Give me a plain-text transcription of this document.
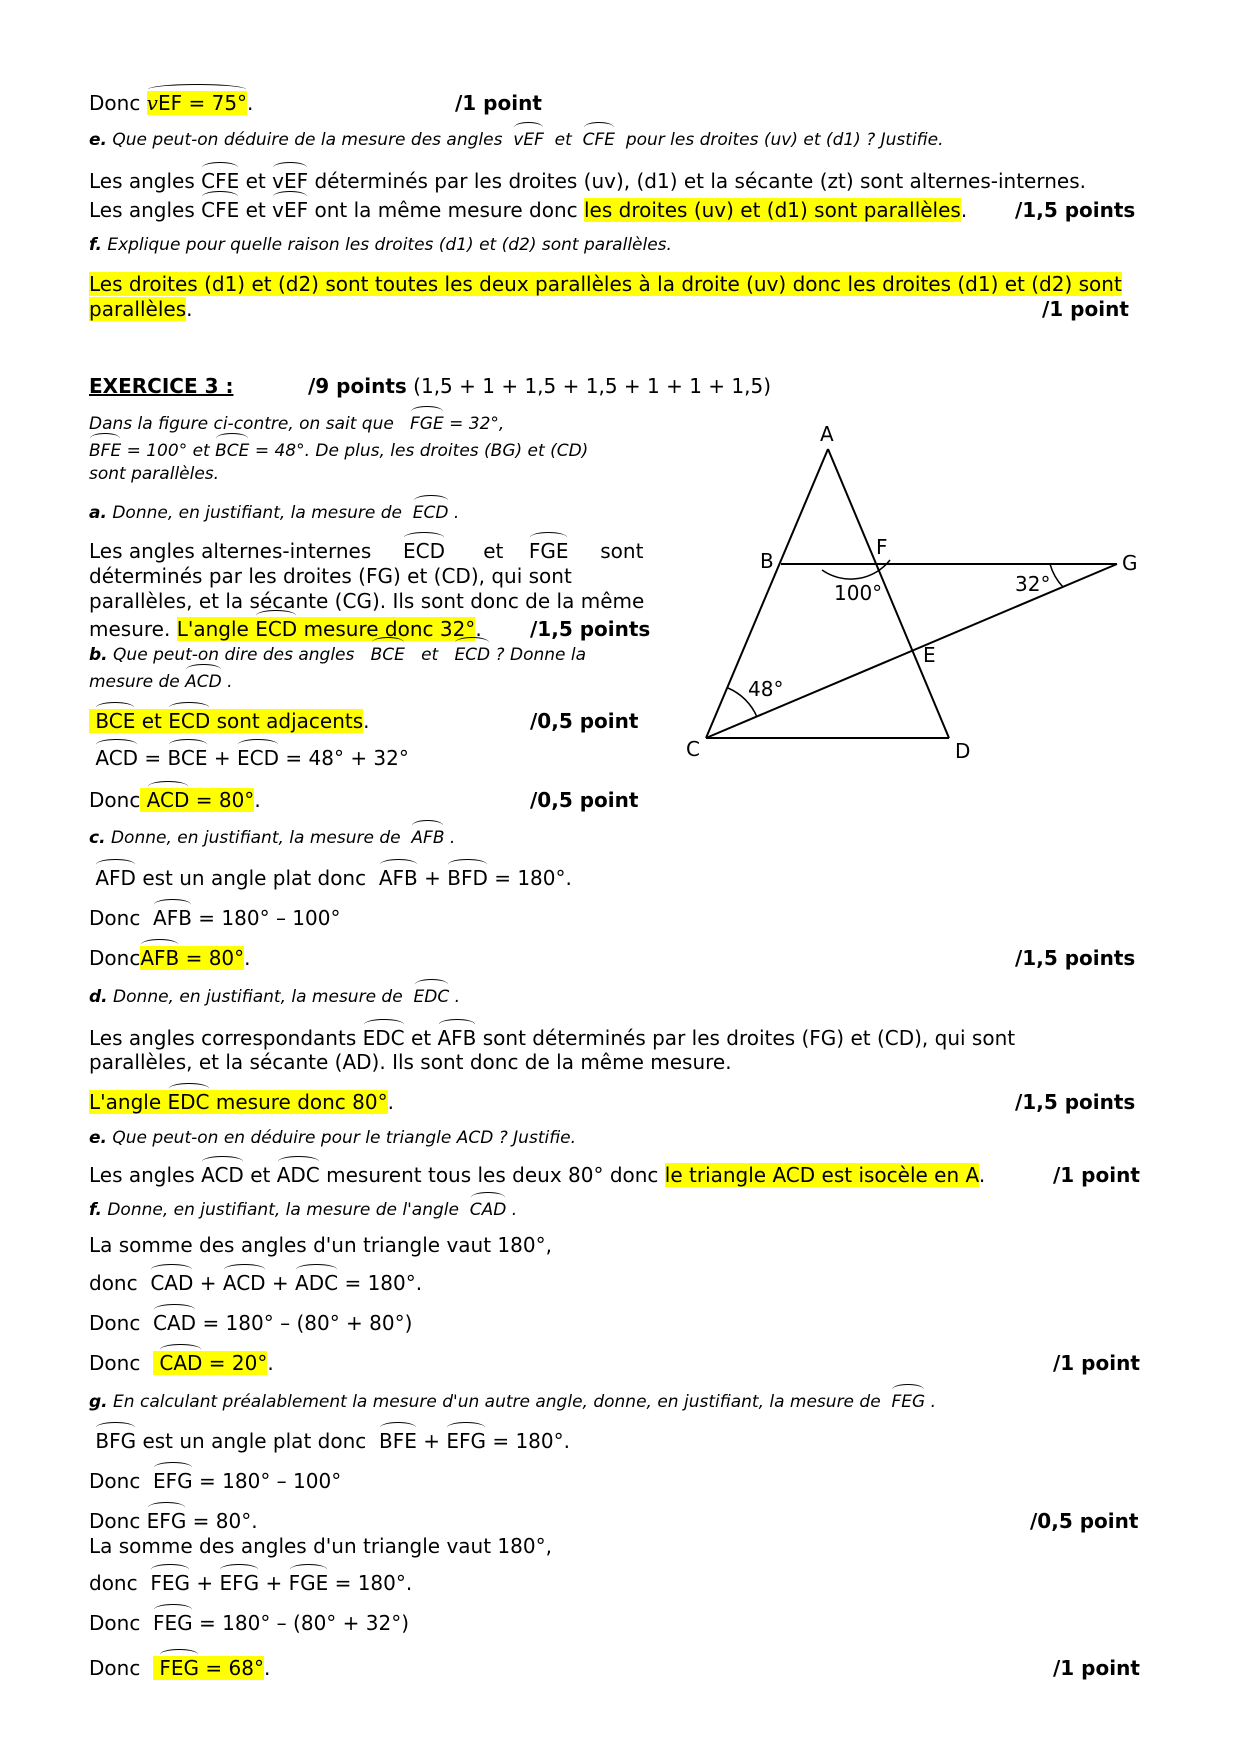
Donc vEF = 75°.	/1 point
e. Que peut-on déduire de la mesure des angles vEF et CFE pour les droites (uv) et (d1) ? Justifie.
Les angles CFE et vEF déterminés par les droites (uv), (d1) et la sécante (zt) sont alternes-internes.
Les angles CFE et vEF ont la même mesure donc les droites (uv) et (d1) sont parallèles. /1,5 points
f. Explique pour quelle raison les droites (d1) et (d2) sont parallèles.
Les droites (d1) et (d2) sont toutes les deux parallèles à la droite (uv) donc les droites (d1) et (d2) sont
parallèles.	/1 point
EXERCICE 3 :	/9 points (1,5 + 1 + 1,5 + 1,5 + 1 + 1 + 1,5)
Dans la figure ci-contre, on sait que FGE = 32°,
BFE = 100° et BCE = 48°. De plus, les droites (BG) et (CD)
sont parallèles.
a. Donne, en justifiant, la mesure de ECD .
Les angles alternes-internes ECD et FGE sont
déterminés par les droites (FG) et (CD), qui sont
parallèles, et la sécante (CG). Ils sont donc de la même
mesure. L'angle ECD mesure donc 32°. /1,5 points
b. Que peut-on dire des angles BCE et ECD ? Donne la
mesure de ACD .
BCE et ECD sont adjacents.	/0,5 point
ACD = BCE + ECD = 48° + 32°
Donc ACD = 80°.	/0,5 point
c. Donne, en justifiant, la mesure de AFB .
AFD est un angle plat donc AFB + BFD = 180°.
Donc AFB = 180° – 100°
DoncAFB = 80°.	/1,5 points
d. Donne, en justifiant, la mesure de EDC .
Les angles correspondants EDC et AFB sont déterminés par les droites (FG) et (CD), qui sont
parallèles, et la sécante (AD). Ils sont donc de la même mesure.
L'angle EDC mesure donc 80°.	/1,5 points
e. Que peut-on en déduire pour le triangle ACD ? Justifie.
Les angles ACD et ADC mesurent tous les deux 80° donc le triangle ACD est isocèle en A.	/1 point
f. Donne, en justifiant, la mesure de l'angle CAD .
La somme des angles d'un triangle vaut 180°,
donc CAD + ACD + ADC = 180°.
Donc CAD = 180° – (80° + 80°)
Donc CAD = 20°.	/1 point
g. En calculant préalablement la mesure d'un autre angle, donne, en justifiant, la mesure de FEG .
BFG est un angle plat donc BFE + EFG = 180°.
Donc EFG = 180° – 100°
Donc EFG = 80°.	/0,5 point
La somme des angles d'un triangle vaut 180°,
donc FEG + EFG + FGE = 180°.
Donc FEG = 180° – (80° + 32°)
Donc FEG = 68°.	/1 point
A
B
F
G
E
C	D
100°	32°
48°
